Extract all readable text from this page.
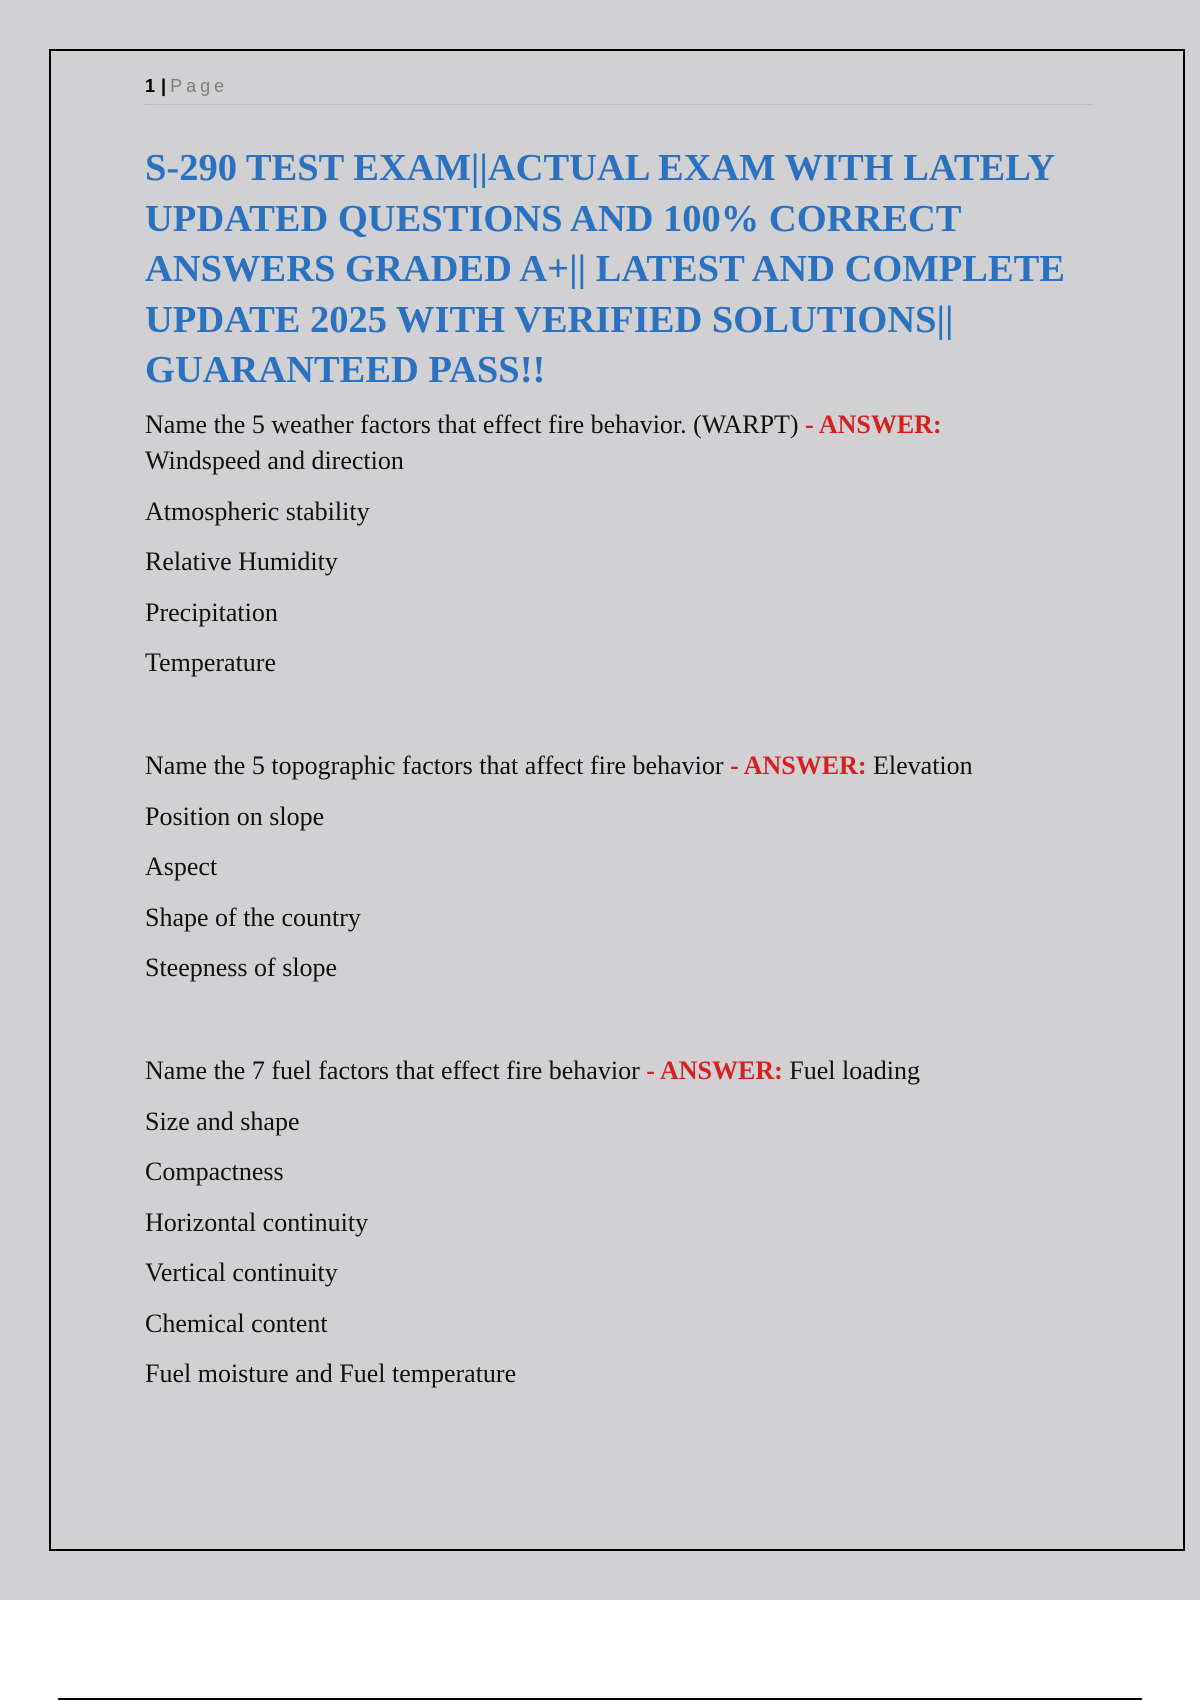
1 | Page
S-290 TEST EXAM||ACTUAL EXAM WITH LATELY UPDATED QUESTIONS AND 100% CORRECT ANSWERS GRADED A+|| LATEST AND COMPLETE UPDATE 2025 WITH VERIFIED SOLUTIONS|| GUARANTEED PASS!!

Name the 5 weather factors that effect fire behavior. (WARPT) - ANSWER:

Windspeed and direction

Atmospheric stability

Relative Humidity

Precipitation

Temperature

Name the 5 topographic factors that affect fire behavior - ANSWER: Elevation

Position on slope

Aspect

Shape of the country

Steepness of slope

Name the 7 fuel factors that effect fire behavior - ANSWER: Fuel loading

Size and shape

Compactness

Horizontal continuity

Vertical continuity

Chemical content

Fuel moisture and Fuel temperature
